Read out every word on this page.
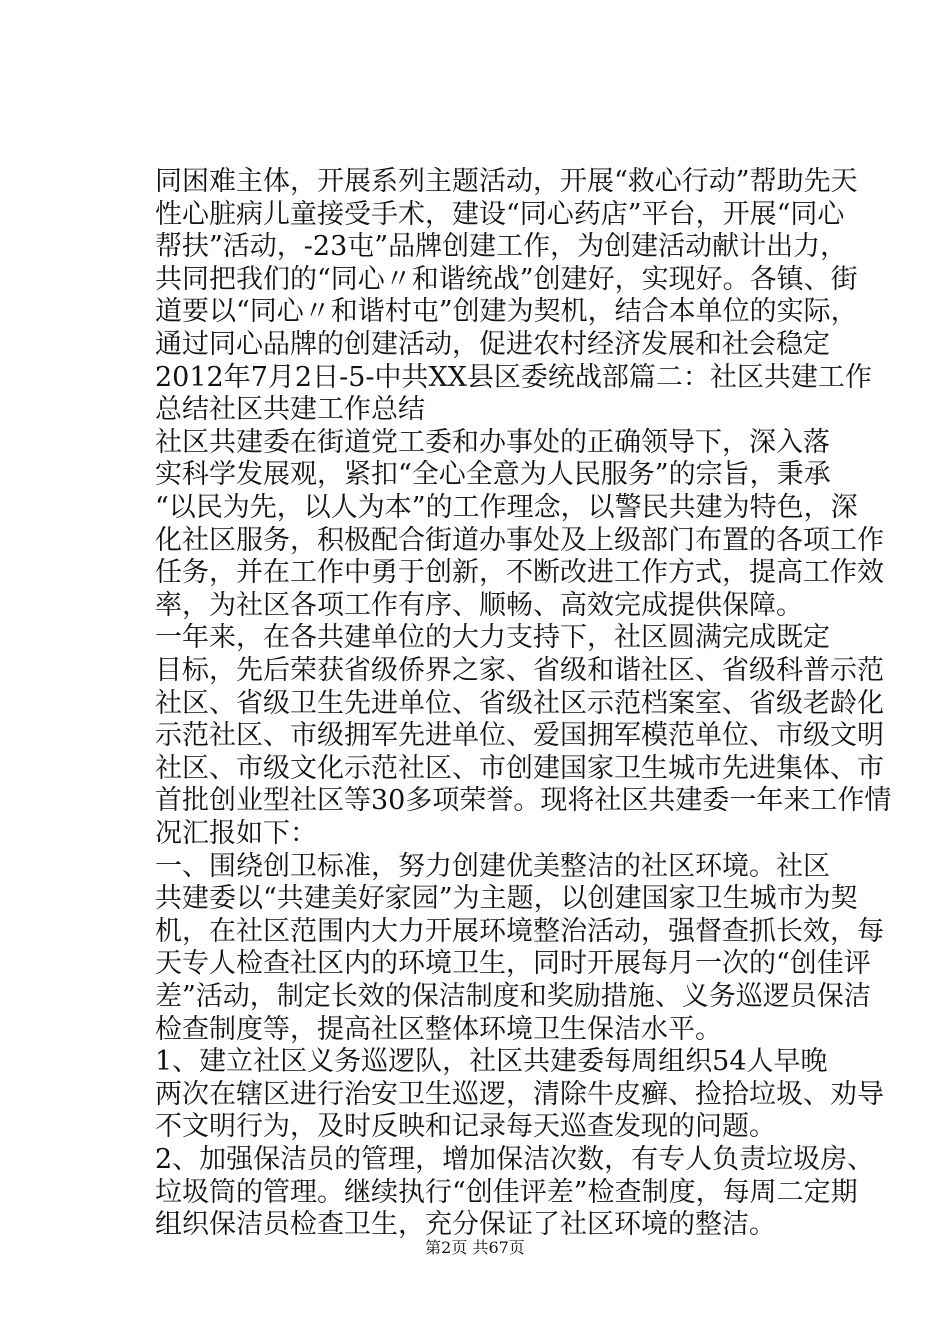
同困难主体，开展系列主题活动，开展“救心行动”帮助先天
性心脏病儿童接受手术，建设“同心药店”平台，开展“同心
帮扶”活动，-23屯”品牌创建工作，为创建活动献计出力，
共同把我们的“同心〃和谐统战”创建好，实现好。各镇、街
道要以“同心〃和谐村屯”创建为契机，结合本单位的实际，
通过同心品牌的创建活动，促进农村经济发展和社会稳定
2012年7月2日-5-中共XX县区委统战部篇二：社区共建工作
总结社区共建工作总结
社区共建委在街道党工委和办事处的正确领导下，深入落
实科学发展观，紧扣“全心全意为人民服务”的宗旨，秉承
“以民为先，以人为本”的工作理念，以警民共建为特色，深
化社区服务，积极配合街道办事处及上级部门布置的各项工作
任务，并在工作中勇于创新，不断改进工作方式，提高工作效
率，为社区各项工作有序、顺畅、高效完成提供保障。
一年来，在各共建单位的大力支持下，社区圆满完成既定
目标，先后荣获省级侨界之家、省级和谐社区、省级科普示范
社区、省级卫生先进单位、省级社区示范档案室、省级老龄化
示范社区、市级拥军先进单位、爱国拥军模范单位、市级文明
社区、市级文化示范社区、市创建国家卫生城市先进集体、市
首批创业型社区等30多项荣誉。现将社区共建委一年来工作情
况汇报如下：
一、围绕创卫标准，努力创建优美整洁的社区环境。社区
共建委以“共建美好家园”为主题，以创建国家卫生城市为契
机，在社区范围内大力开展环境整治活动，强督查抓长效，每
天专人检查社区内的环境卫生，同时开展每月一次的“创佳评
差”活动，制定长效的保洁制度和奖励措施、义务巡逻员保洁
检查制度等，提高社区整体环境卫生保洁水平。
1、建立社区义务巡逻队，社区共建委每周组织54人早晚
两次在辖区进行治安卫生巡逻，清除牛皮癣、捡拾垃圾、劝导
不文明行为，及时反映和记录每天巡查发现的问题。
2、加强保洁员的管理，增加保洁次数，有专人负责垃圾房、
垃圾筒的管理。继续执行“创佳评差”检查制度，每周二定期
组织保洁员检查卫生，充分保证了社区环境的整洁。
第2页 共67页
